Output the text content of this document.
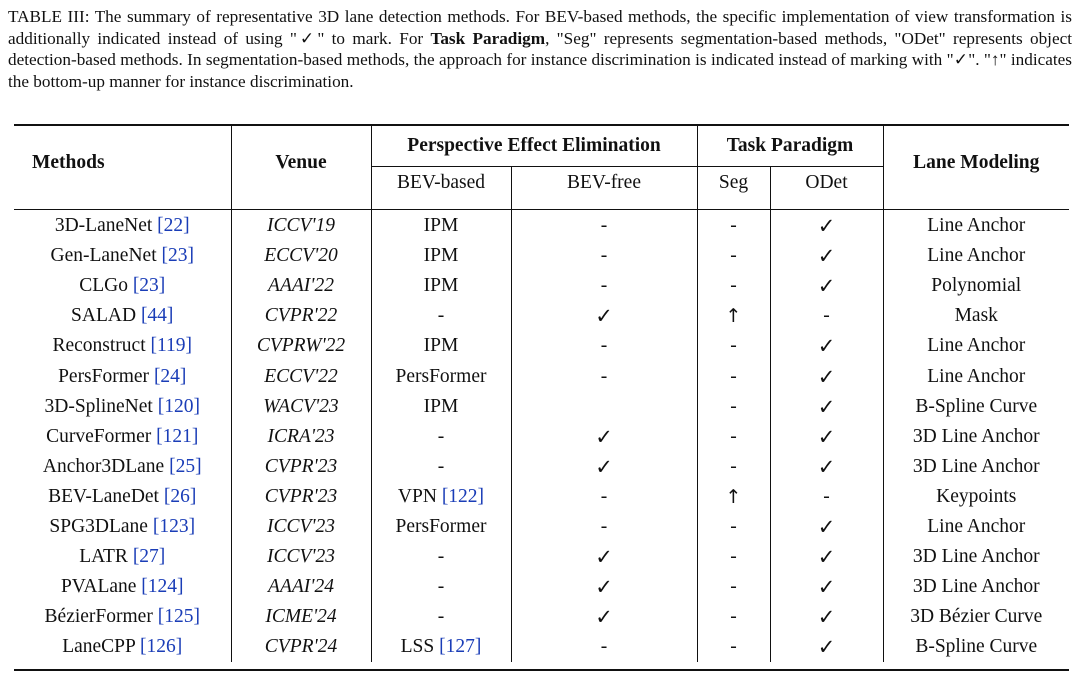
TABLE III: The summary of representative 3D lane detection methods. For BEV-based methods, the specific implementation of view transformation is additionally indicated instead of using "✓" to mark. For Task Paradigm, "Seg" represents segmentation-based methods, "ODet" represents object detection-based methods. In segmentation-based methods, the approach for instance discrimination is indicated instead of marking with "✓". "↑" indicates the bottom-up manner for instance discrimination.
Methods	Venue	Perspective Effect Elimination		Task Paradigm		Lane Modeling
		BEV-based	BEV-free	Seg	ODet	

3D-LaneNet [22]	ICCV'19	IPM	-	-	✓	Line Anchor
Gen-LaneNet [23]	ECCV'20	IPM	-	-	✓	Line Anchor
CLGo [23]	AAAI'22	IPM	-	-	✓	Polynomial
SALAD [44]	CVPR'22	-	✓	↑	-	Mask
Reconstruct [119]	CVPRW'22	IPM	-	-	✓	Line Anchor
PersFormer [24]	ECCV'22	PersFormer	-	-	✓	Line Anchor
3D-SplineNet [120]	WACV'23	IPM		-	✓	B-Spline Curve
CurveFormer [121]	ICRA'23	-	✓	-	✓	3D Line Anchor
Anchor3DLane [25]	CVPR'23	-	✓	-	✓	3D Line Anchor
BEV-LaneDet [26]	CVPR'23	VPN [122]	-	↑	-	Keypoints
SPG3DLane [123]	ICCV'23	PersFormer	-	-	✓	Line Anchor
LATR [27]	ICCV'23	-	✓	-	✓	3D Line Anchor
PVALane [124]	AAAI'24	-	✓	-	✓	3D Line Anchor
BézierFormer [125]	ICME'24	-	✓	-	✓	3D Bézier Curve
LaneCPP [126]	CVPR'24	LSS [127]	-	-	✓	B-Spline Curve
